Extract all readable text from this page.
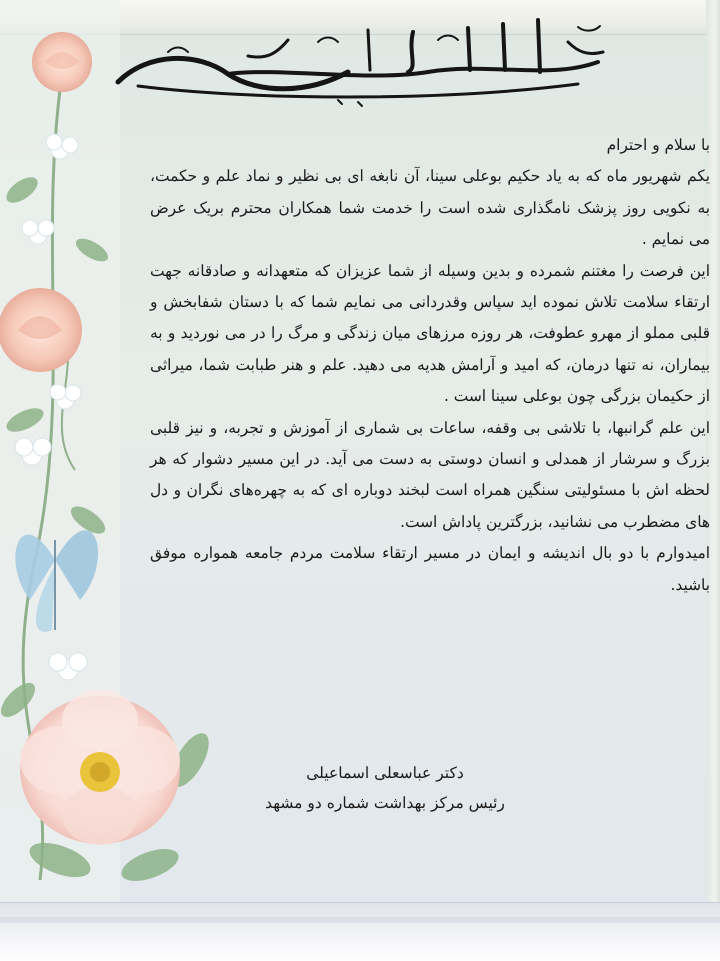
با سلام و احترام

یکم شهریور ماه که به یاد حکیم بوعلی سینا، آن نابغه ای بی نظیر و نماد علم و حکمت، به نکویی روز پزشک نامگذاری شده است را خدمت شما همکاران محترم بریک عرض می نمایم .

این فرصت را مغتنم شمرده و بدین وسیله از شما عزیزان که متعهدانه و صادقانه جهت ارتقاء سلامت تلاش نموده اید سپاس وقدردانی می نمایم شما که با دستان شفابخش و قلبی مملو از مهرو عطوفت، هر روزه مرزهای میان زندگی و مرگ را در می نوردید و به بیماران، نه تنها درمان، که امید و آرامش هدیه می دهید. علم و هنر طبابت شما، میراثی از حکیمان بزرگی چون بوعلی سینا است .

این علم گرانبها، با تلاشی بی وقفه، ساعات بی شماری از آموزش و تجربه، و نیز قلبی بزرگ و سرشار از همدلی و انسان دوستی به دست می آید. در این مسیر دشوار که هر لحظه اش با مسئولیتی سنگین همراه است لبخند دوباره ای که به چهره‌های نگران و دل های مضطرب می نشانید، بزرگترین پاداش است.

امیدوارم با دو بال اندیشه و ایمان در مسیر ارتقاء سلامت مردم جامعه همواره موفق باشید.

دکتر عباسعلی اسماعیلی

رئیس مرکز بهداشت شماره دو مشهد
